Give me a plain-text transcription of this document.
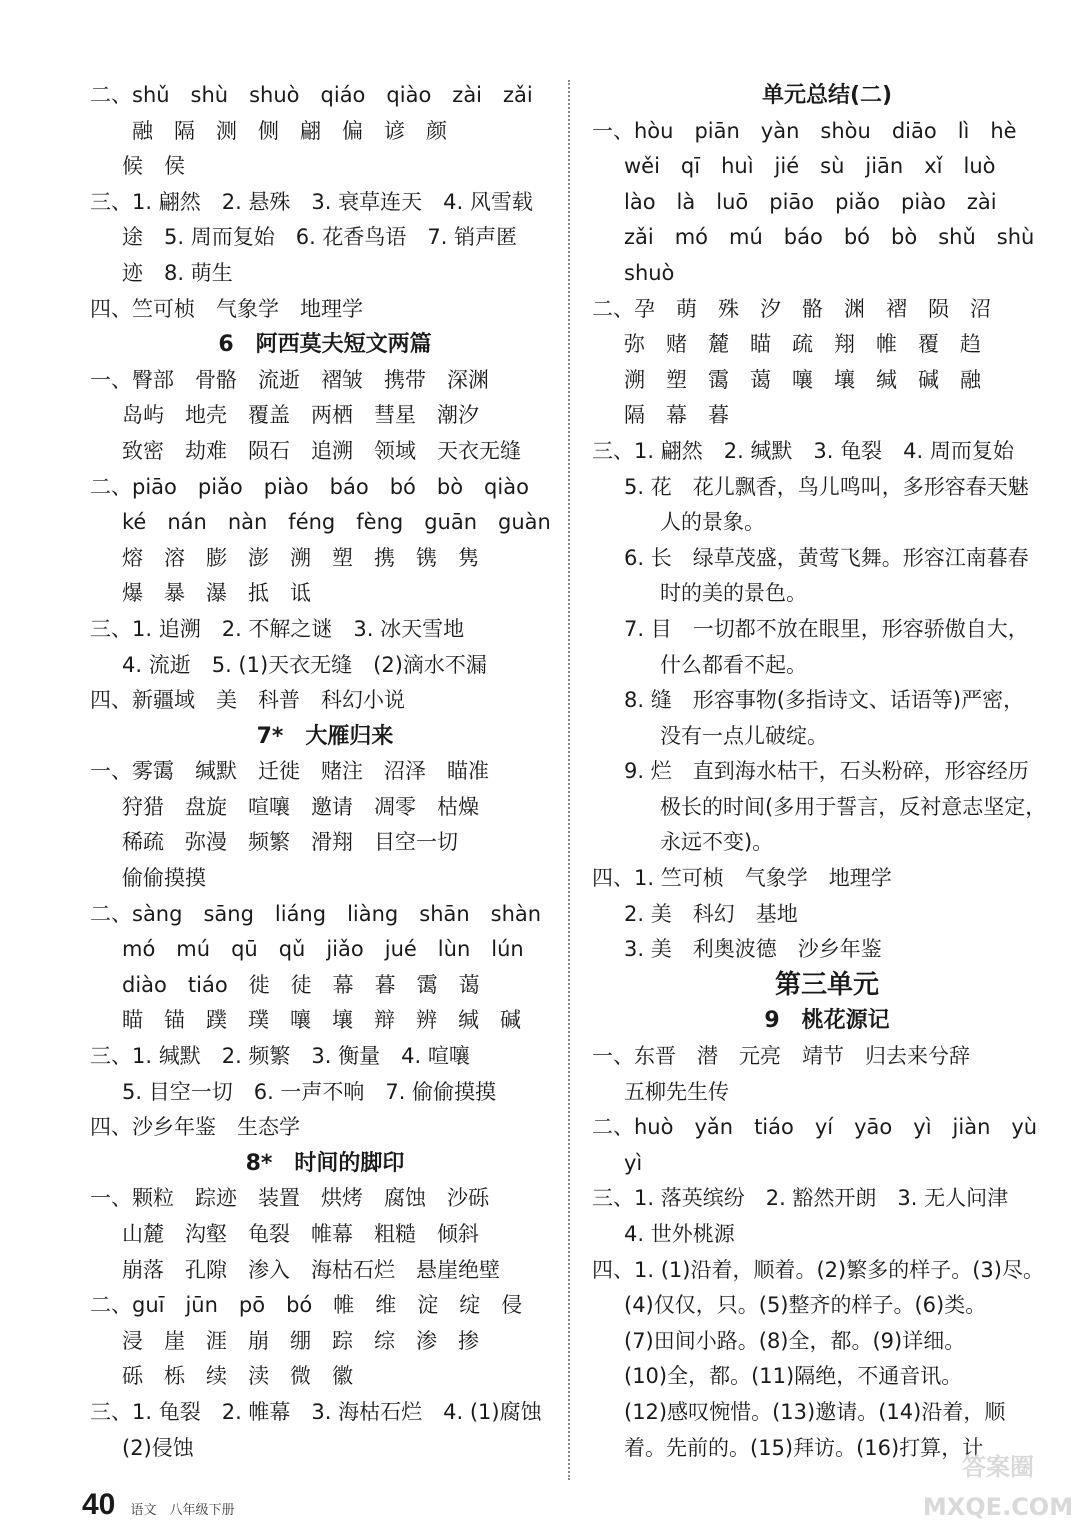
二、shǔ　shù　shuò　qiáo　qiào　zài　zǎi
融　隔　测　侧　翩　偏　谚　颜
候　侯
三、1. 翩然　2. 悬殊　3. 衰草连天　4. 风雪载
途　5. 周而复始　6. 花香鸟语　7. 销声匿
迹　8. 萌生
四、竺可桢　气象学　地理学
6　阿西莫夫短文两篇
一、臀部　骨骼　流逝　褶皱　携带　深渊
岛屿　地壳　覆盖　两栖　彗星　潮汐
致密　劫难　陨石　追溯　领域　天衣无缝
二、piāo　piǎo　piào　báo　bó　bò　qiào
ké　nán　nàn　féng　fèng　guān　guàn
熔　溶　膨　澎　溯　塑　携　镌　隽
爆　暴　瀑　抵　诋
三、1. 追溯　2. 不解之谜　3. 冰天雪地
4. 流逝　5. (1)天衣无缝　(2)滴水不漏
四、新疆域　美　科普　科幻小说
7*　大雁归来
一、雾霭　缄默　迁徙　赌注　沼泽　瞄准
狩猎　盘旋　喧嚷　邀请　凋零　枯燥
稀疏　弥漫　频繁　滑翔　目空一切
偷偷摸摸
二、sàng　sāng　liáng　liàng　shān　shàn
mó　mú　qū　qǔ　jiǎo　jué　lùn　lún
diào　tiáo　徙　徒　幕　暮　霭　蔼
瞄　锚　蹼　璞　嚷　壤　辩　辨　缄　碱
三、1. 缄默　2. 频繁　3. 衡量　4. 喧嚷
5. 目空一切　6. 一声不响　7. 偷偷摸摸
四、沙乡年鉴　生态学
8*　时间的脚印
一、颗粒　踪迹　装置　烘烤　腐蚀　沙砾
山麓　沟壑　龟裂　帷幕　粗糙　倾斜
崩落　孔隙　渗入　海枯石烂　悬崖绝壁
二、guī　jūn　pō　bó　帷　维　淀　绽　侵
浸　崖　涯　崩　绷　踪　综　渗　掺
砾　栎　续　渎　微　徽
三、1. 龟裂　2. 帷幕　3. 海枯石烂　4. (1)腐蚀
(2)侵蚀
单元总结(二)
一、hòu　piān　yàn　shòu　diāo　lì　hè
wěi　qī　huì　jié　sù　jiān　xǐ　luò
lào　là　luō　piāo　piǎo　piào　zài
zǎi　mó　mú　báo　bó　bò　shǔ　shù
shuò
二、孕　萌　殊　汐　骼　渊　褶　陨　沼
弥　赌　麓　瞄　疏　翔　帷　覆　趋
溯　塑　霭　蔼　嚷　壤　缄　碱　融
隔　幕　暮
三、1. 翩然　2. 缄默　3. 龟裂　4. 周而复始
5. 花　花儿飘香，鸟儿鸣叫，多形容春天魅
人的景象。
6. 长　绿草茂盛，黄莺飞舞。形容江南暮春
时的美的景色。
7. 目　一切都不放在眼里，形容骄傲自大，
什么都看不起。
8. 缝　形容事物(多指诗文、话语等)严密，
没有一点儿破绽。
9. 烂　直到海水枯干，石头粉碎，形容经历
极长的时间(多用于誓言，反衬意志坚定，
永远不变)。
四、1. 竺可桢　气象学　地理学
2. 美　科幻　基地
3. 美　利奥波德　沙乡年鉴
第三单元
9　桃花源记
一、东晋　潜　元亮　靖节　归去来兮辞
五柳先生传
二、huò　yǎn　tiáo　yí　yāo　yì　jiàn　yù
yì
三、1. 落英缤纷　2. 豁然开朗　3. 无人问津
4. 世外桃源
四、1. (1)沿着，顺着。(2)繁多的样子。(3)尽。
(4)仅仅，只。(5)整齐的样子。(6)类。
(7)田间小路。(8)全，都。(9)详细。
(10)全，都。(11)隔绝，不通音讯。
(12)感叹惋惜。(13)邀请。(14)沿着，顺
着。先前的。(15)拜访。(16)打算，计
40 语文　八年级下册
答案圈
MXQE.COM
